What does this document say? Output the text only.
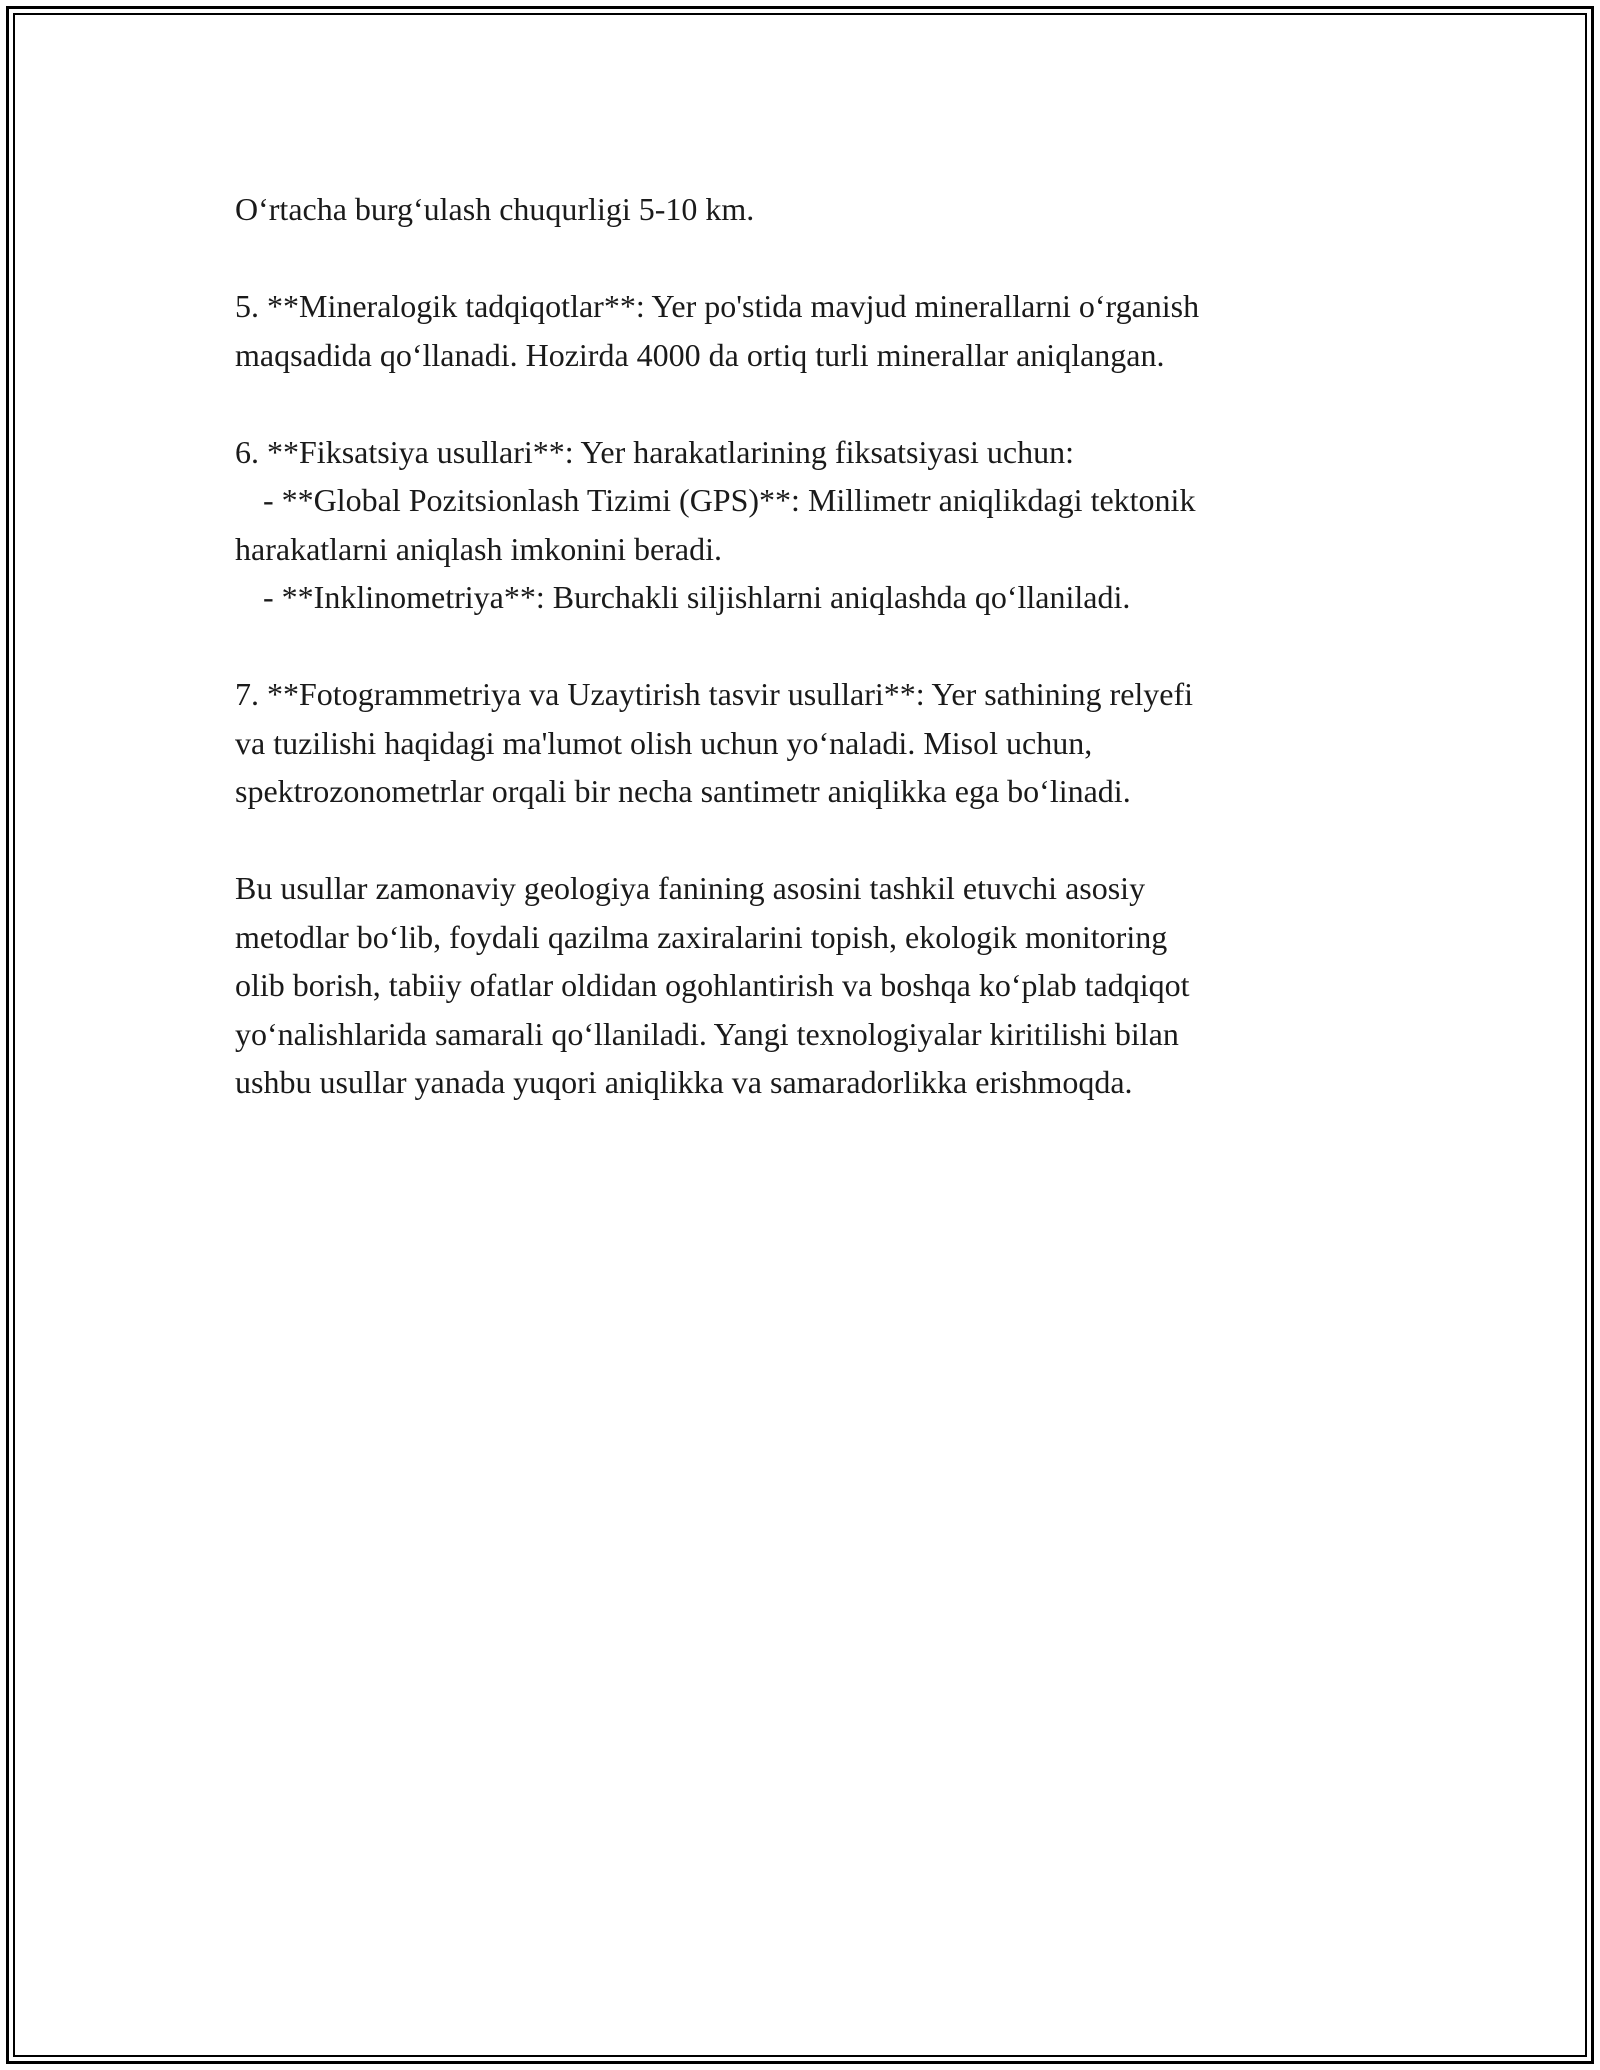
O‘rtacha burg‘ulash chuqurligi 5-10 km.

5. **Mineralogik tadqiqotlar**: Yer po'stida mavjud minerallarni o‘rganish
maqsadida qo‘llanadi. Hozirda 4000 da ortiq turli minerallar aniqlangan.

6. **Fiksatsiya usullari**: Yer harakatlarining fiksatsiyasi uchun:
- **Global Pozitsionlash Tizimi (GPS)**: Millimetr aniqlikdagi tektonik
harakatlarni aniqlash imkonini beradi.
- **Inklinometriya**: Burchakli siljishlarni aniqlashda qo‘llaniladi.

7. **Fotogrammetriya va Uzaytirish tasvir usullari**: Yer sathining relyefi
va tuzilishi haqidagi ma'lumot olish uchun yo‘naladi. Misol uchun,
spektrozonometrlar orqali bir necha santimetr aniqlikka ega bo‘linadi.

Bu usullar zamonaviy geologiya fanining asosini tashkil etuvchi asosiy
metodlar bo‘lib, foydali qazilma zaxiralarini topish, ekologik monitoring
olib borish, tabiiy ofatlar oldidan ogohlantirish va boshqa ko‘plab tadqiqot
yo‘nalishlarida samarali qo‘llaniladi. Yangi texnologiyalar kiritilishi bilan
ushbu usullar yanada yuqori aniqlikka va samaradorlikka erishmoqda.
